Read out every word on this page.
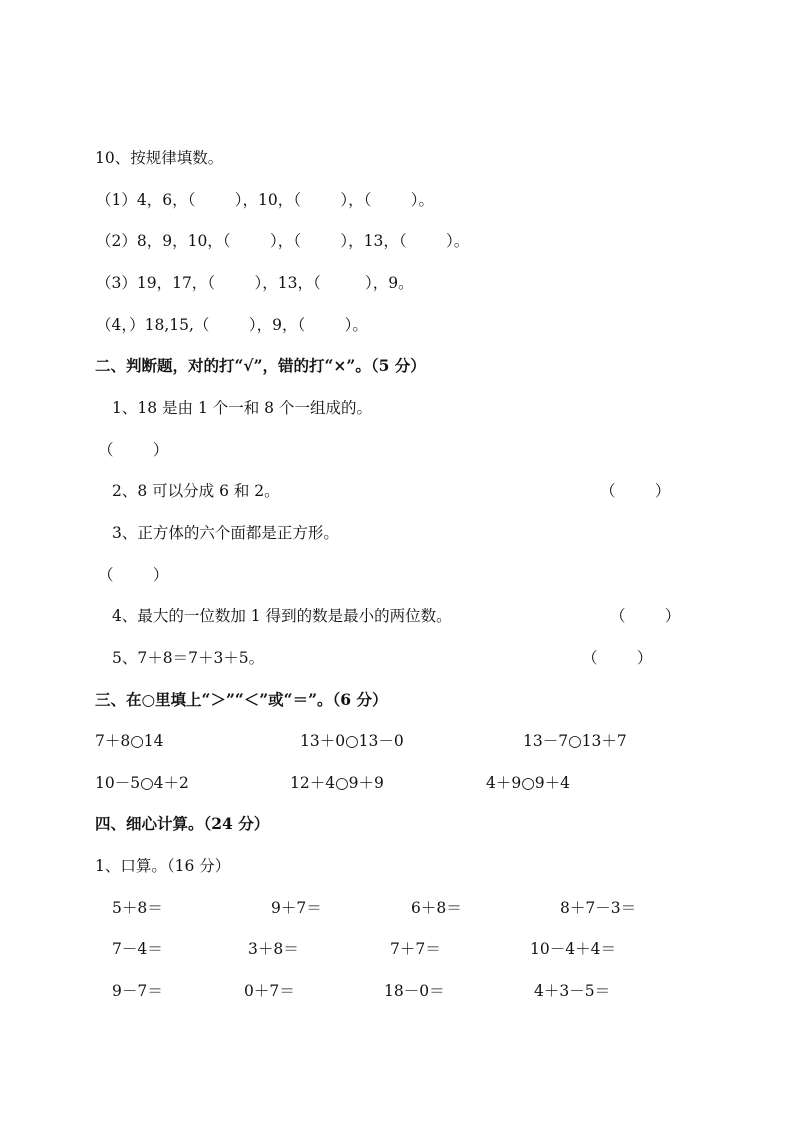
10、按规律填数。
（1）4，6，（        ），10，（        ），（        ）。
（2）8，9，10，（        ），（        ），13，（        ）。
（3）19，17，（        ），13，（         ），9。
（4，）18,15,（        ），9，（        ）。
二、判断题，对的打“√”，错的打“×”。（5 分）
1、18 是由 1 个一和 8 个一组成的。
（        ）
2、8 可以分成 6 和 2。	（        ）
3、正方体的六个面都是正方形。
（        ）
4、最大的一位数加 1 得到的数是最小的两位数。	（        ）
5、7＋8＝7＋3＋5。	（        ）
三、在○里填上“＞”“＜”或“＝”。（6 分）
7＋8○14	13＋0○13－0	13－7○13＋7
10－5○4＋2	12＋4○9＋9	4＋9○9＋4
四、细心计算。（24 分）
1、口算。（16 分）
5＋8＝	9＋7＝	6＋8＝	8＋7－3＝
7－4＝	3＋8＝	7＋7＝	10－4＋4＝
9－7＝	0＋7＝	18－0＝	4＋3－5＝
